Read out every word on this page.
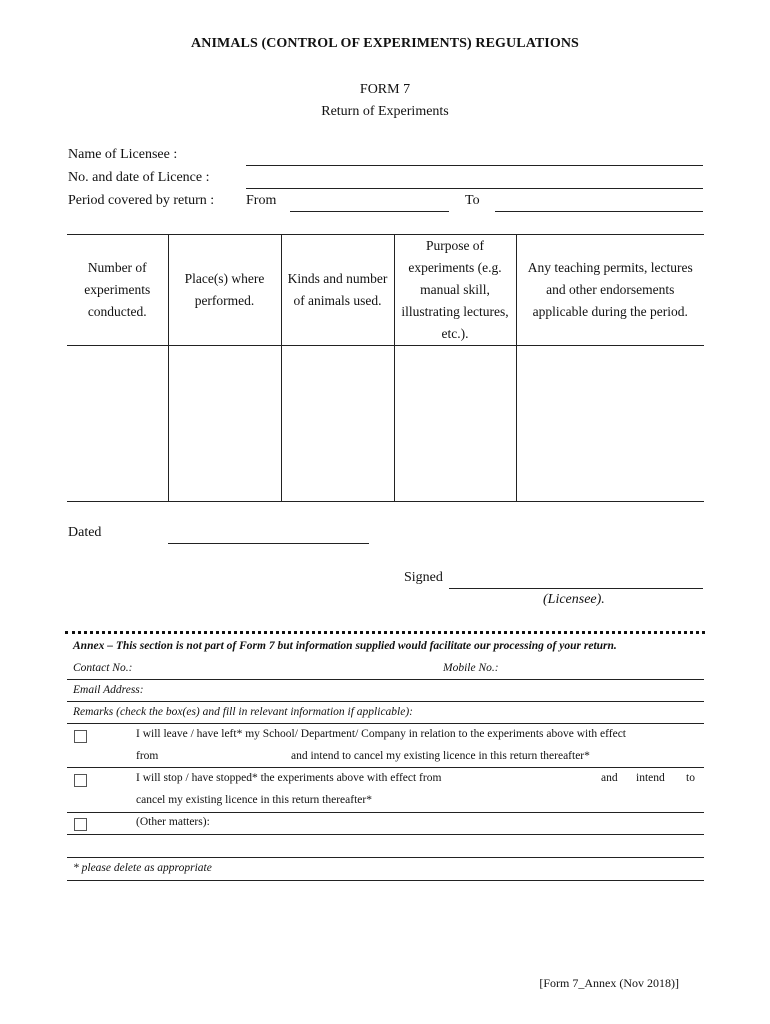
ANIMALS (CONTROL OF EXPERIMENTS) REGULATIONS
FORM 7
Return of Experiments
Name of Licensee :
No. and date of Licence :
Period covered by return : From	To
Number of experiments conducted.	Place(s) where performed.	Kinds and number of animals used.	Purpose of experiments (e.g. manual skill, illustrating lectures, etc.).	Any teaching permits, lectures and other endorsements applicable during the period.

Dated
Signed
(Licensee).
Annex – This section is not part of Form 7 but information supplied would facilitate our processing of your return.
Contact No.:	Mobile No.:
Email Address:
Remarks (check the box(es) and fill in relevant information if applicable):
I will leave / have left* my School/ Department/ Company in relation to the experiments above with effect
from	and intend to cancel my existing licence in this return thereafter*
I will stop / have stopped* the experiments above with effect from	and intend to
cancel my existing licence in this return thereafter*
(Other matters):
* please delete as appropriate
[Form 7_Annex (Nov 2018)]
